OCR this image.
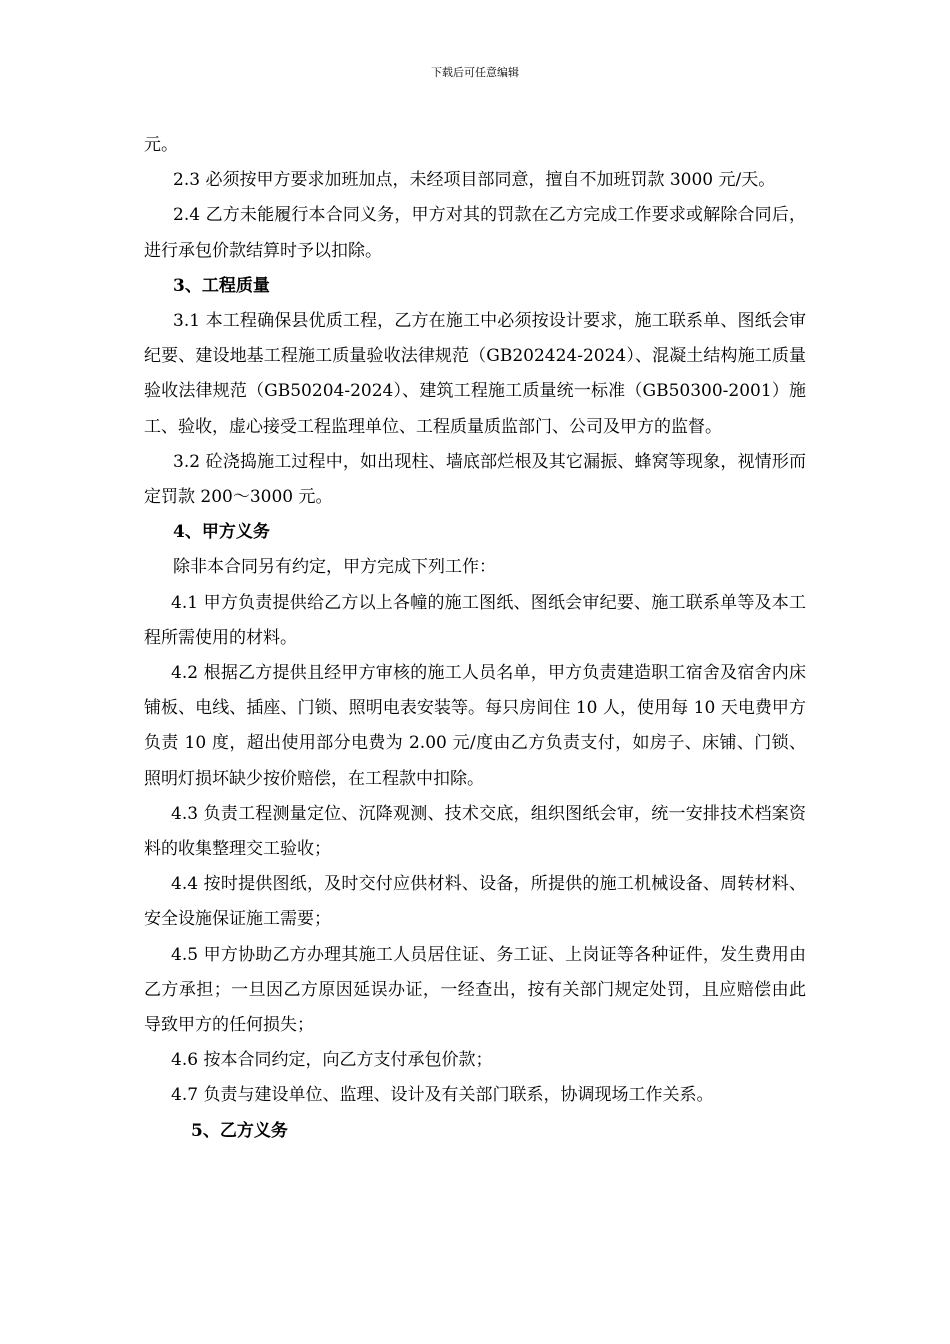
下载后可任意编辑

元。

2.3 必须按甲方要求加班加点，未经项目部同意，擅自不加班罚款 3000 元/天。

2.4 乙方未能履行本合同义务，甲方对其的罚款在乙方完成工作要求或解除合同后，进行承包价款结算时予以扣除。

3、工程质量

3.1 本工程确保县优质工程，乙方在施工中必须按设计要求，施工联系单、图纸会审纪要、建设地基工程施工质量验收法律规范（GB202424-2024）、混凝土结构施工质量验收法律规范（GB50204-2024）、建筑工程施工质量统一标准（GB50300-2001）施工、验收，虚心接受工程监理单位、工程质量质监部门、公司及甲方的监督。

3.2 砼浇捣施工过程中，如出现柱、墙底部烂根及其它漏振、蜂窝等现象，视情形而定罚款 200～3000 元。

4、甲方义务

除非本合同另有约定，甲方完成下列工作：

4.1 甲方负责提供给乙方以上各幢的施工图纸、图纸会审纪要、施工联系单等及本工程所需使用的材料。

4.2 根据乙方提供且经甲方审核的施工人员名单，甲方负责建造职工宿舍及宿舍内床铺板、电线、插座、门锁、照明电表安装等。每只房间住 10 人，使用每 10 天电费甲方负责 10 度，超出使用部分电费为 2.00 元/度由乙方负责支付，如房子、床铺、门锁、照明灯损坏缺少按价赔偿，在工程款中扣除。

4.3 负责工程测量定位、沉降观测、技术交底，组织图纸会审，统一安排技术档案资料的收集整理交工验收；

4.4 按时提供图纸，及时交付应供材料、设备，所提供的施工机械设备、周转材料、安全设施保证施工需要；

4.5 甲方协助乙方办理其施工人员居住证、务工证、上岗证等各种证件，发生费用由乙方承担；一旦因乙方原因延误办证，一经查出，按有关部门规定处罚，且应赔偿由此导致甲方的任何损失；

4.6 按本合同约定，向乙方支付承包价款；

4.7 负责与建设单位、监理、设计及有关部门联系，协调现场工作关系。

5、乙方义务
